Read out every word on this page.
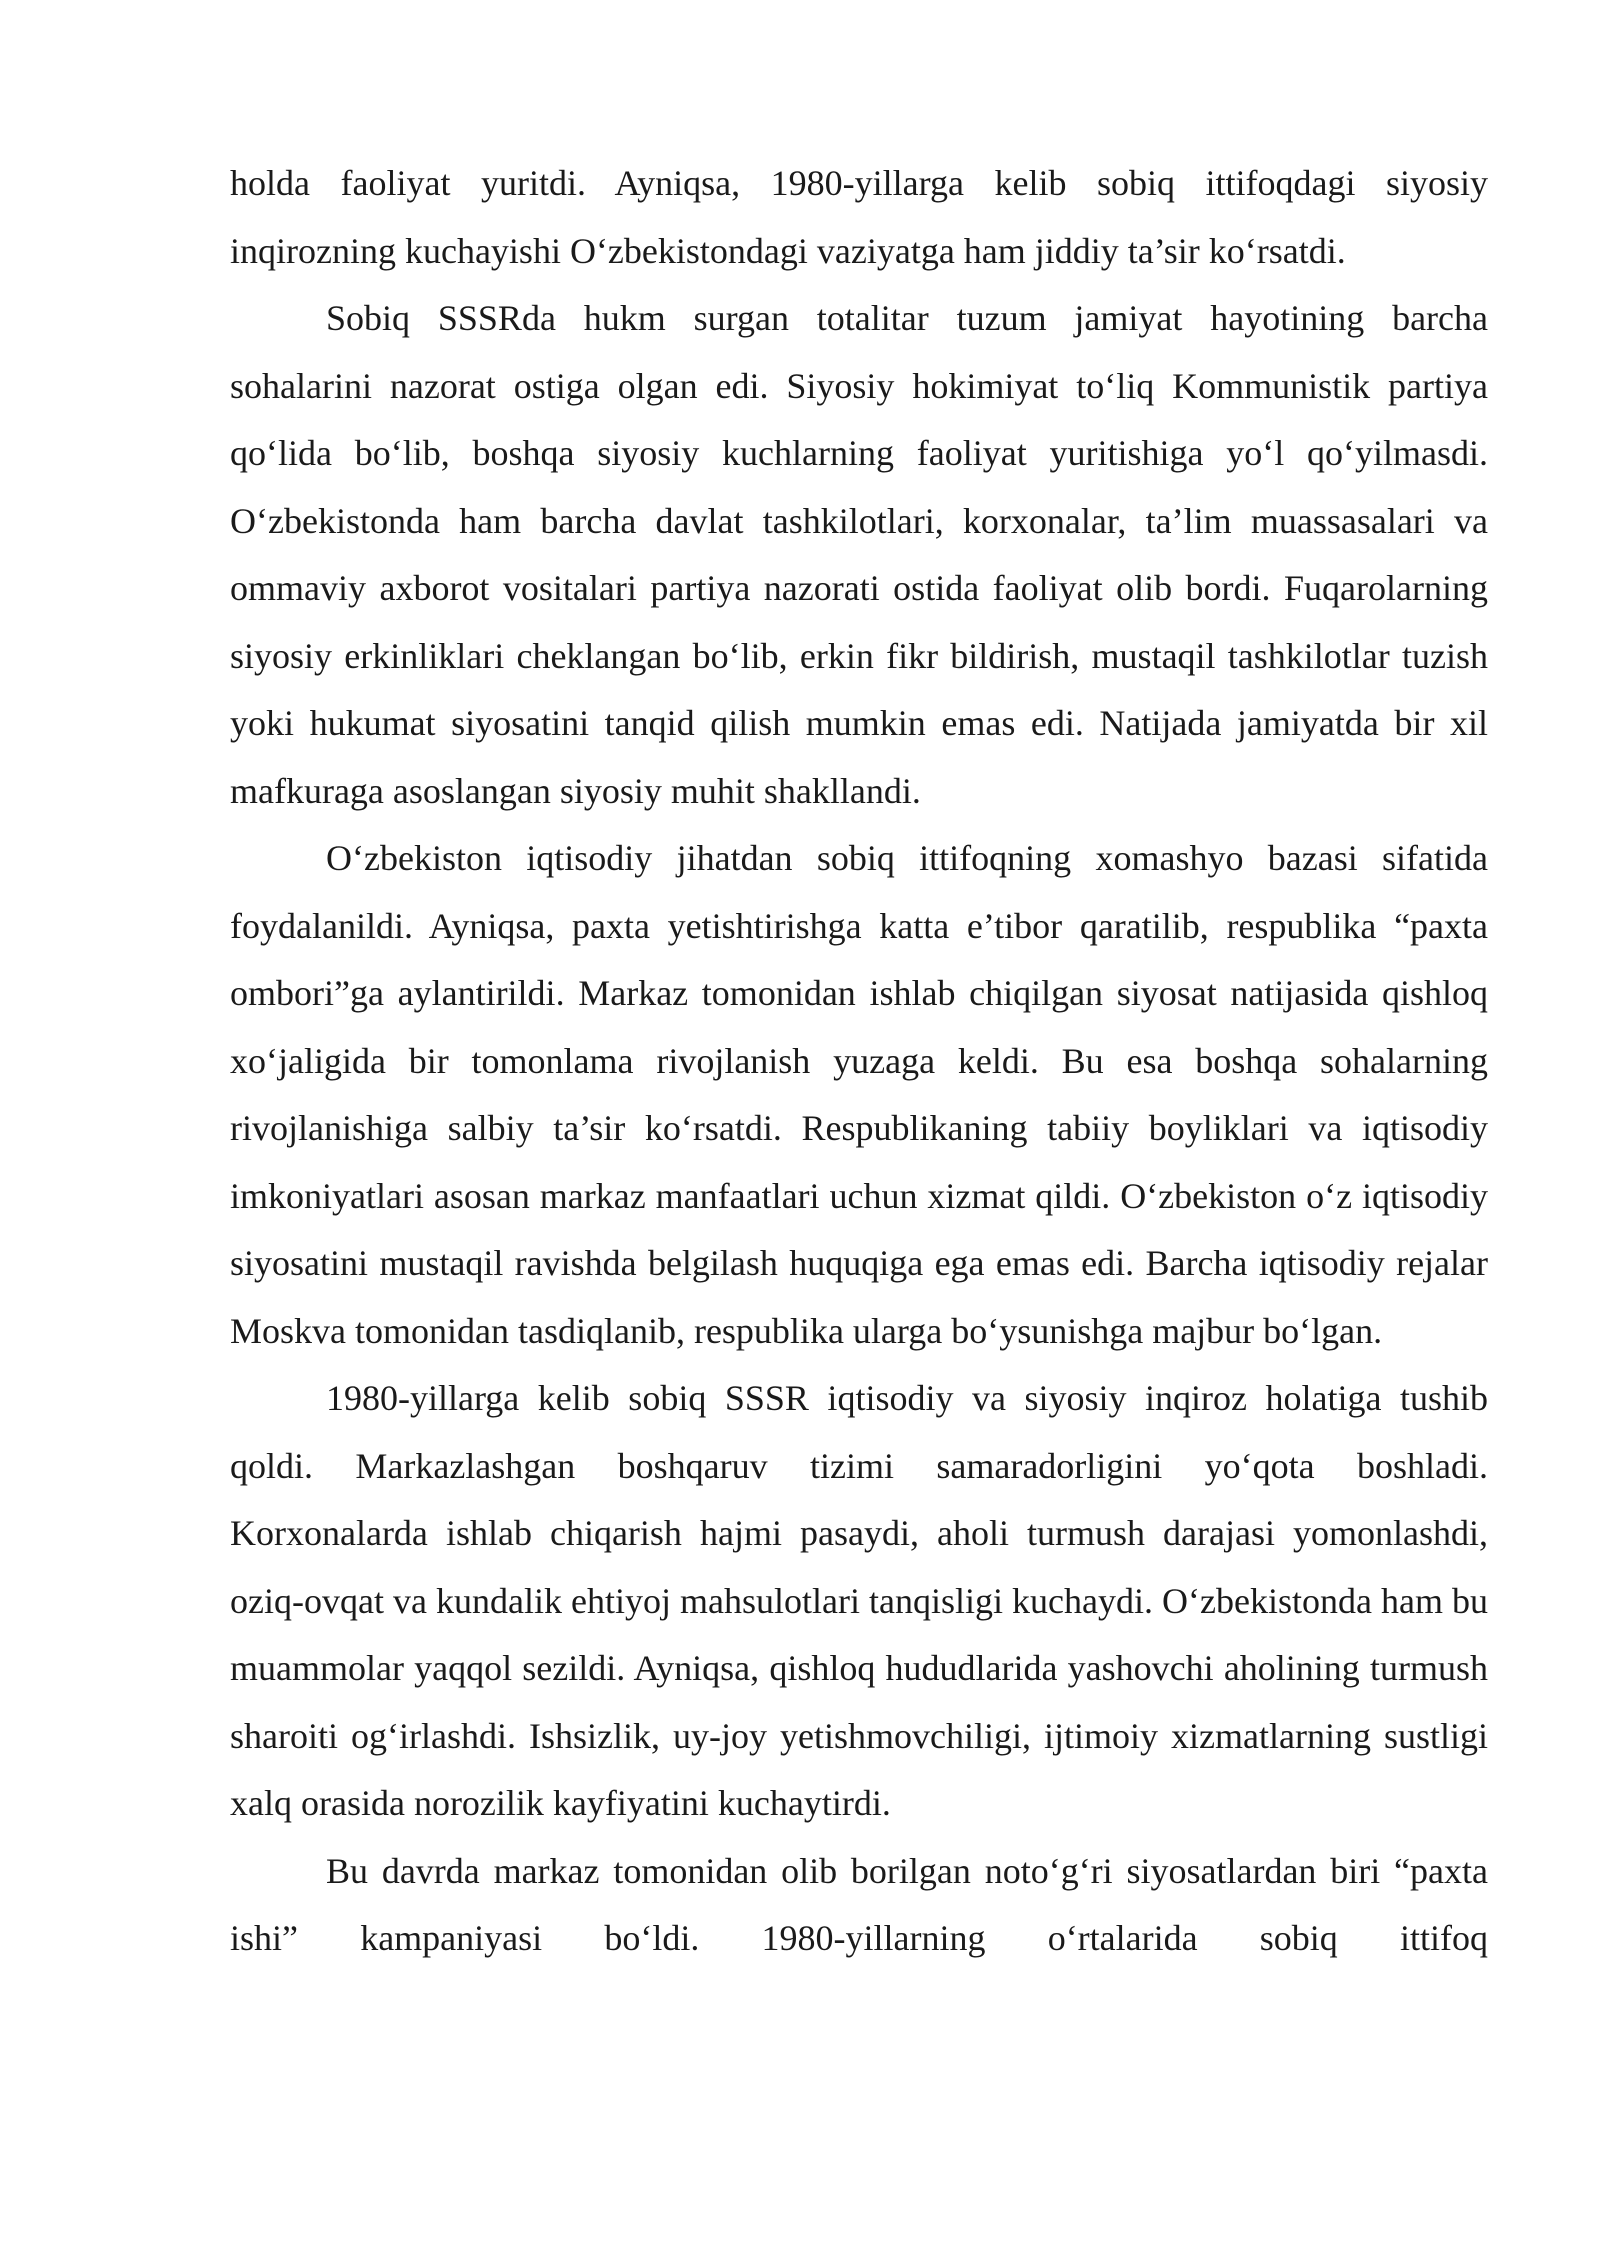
holda faoliyat yuritdi. Ayniqsa, 1980-yillarga kelib sobiq ittifoqdagi siyosiy inqirozning kuchayishi O‘zbekistondagi vaziyatga ham jiddiy ta’sir ko‘rsatdi.

Sobiq SSSRda hukm surgan totalitar tuzum jamiyat hayotining barcha sohalarini nazorat ostiga olgan edi. Siyosiy hokimiyat to‘liq Kommunistik partiya qo‘lida bo‘lib, boshqa siyosiy kuchlarning faoliyat yuritishiga yo‘l qo‘yilmasdi. O‘zbekistonda ham barcha davlat tashkilotlari, korxonalar, ta’lim muassasalari va ommaviy axborot vositalari partiya nazorati ostida faoliyat olib bordi. Fuqarolarning siyosiy erkinliklari cheklangan bo‘lib, erkin fikr bildirish, mustaqil tashkilotlar tuzish yoki hukumat siyosatini tanqid qilish mumkin emas edi. Natijada jamiyatda bir xil mafkuraga asoslangan siyosiy muhit shakllandi.

O‘zbekiston iqtisodiy jihatdan sobiq ittifoqning xomashyo bazasi sifatida foydalanildi. Ayniqsa, paxta yetishtirishga katta e’tibor qaratilib, respublika “paxta ombori”ga aylantirildi. Markaz tomonidan ishlab chiqilgan siyosat natijasida qishloq xo‘jaligida bir tomonlama rivojlanish yuzaga keldi. Bu esa boshqa sohalarning rivojlanishiga salbiy ta’sir ko‘rsatdi. Respublikaning tabiiy boyliklari va iqtisodiy imkoniyatlari asosan markaz manfaatlari uchun xizmat qildi. O‘zbekiston o‘z iqtisodiy siyosatini mustaqil ravishda belgilash huquqiga ega emas edi. Barcha iqtisodiy rejalar Moskva tomonidan tasdiqlanib, respublika ularga bo‘ysunishga majbur bo‘lgan.

1980-yillarga kelib sobiq SSSR iqtisodiy va siyosiy inqiroz holatiga tushib qoldi. Markazlashgan boshqaruv tizimi samaradorligini yo‘qota boshladi. Korxonalarda ishlab chiqarish hajmi pasaydi, aholi turmush darajasi yomonlashdi, oziq-ovqat va kundalik ehtiyoj mahsulotlari tanqisligi kuchaydi. O‘zbekistonda ham bu muammolar yaqqol sezildi. Ayniqsa, qishloq hududlarida yashovchi aholining turmush sharoiti og‘irlashdi. Ishsizlik, uy-joy yetishmovchiligi, ijtimoiy xizmatlarning sustligi xalq orasida norozilik kayfiyatini kuchaytirdi.

Bu davrda markaz tomonidan olib borilgan noto‘g‘ri siyosatlardan biri “paxta ishi” kampaniyasi bo‘ldi. 1980-yillarning o‘rtalarida sobiq ittifoq
